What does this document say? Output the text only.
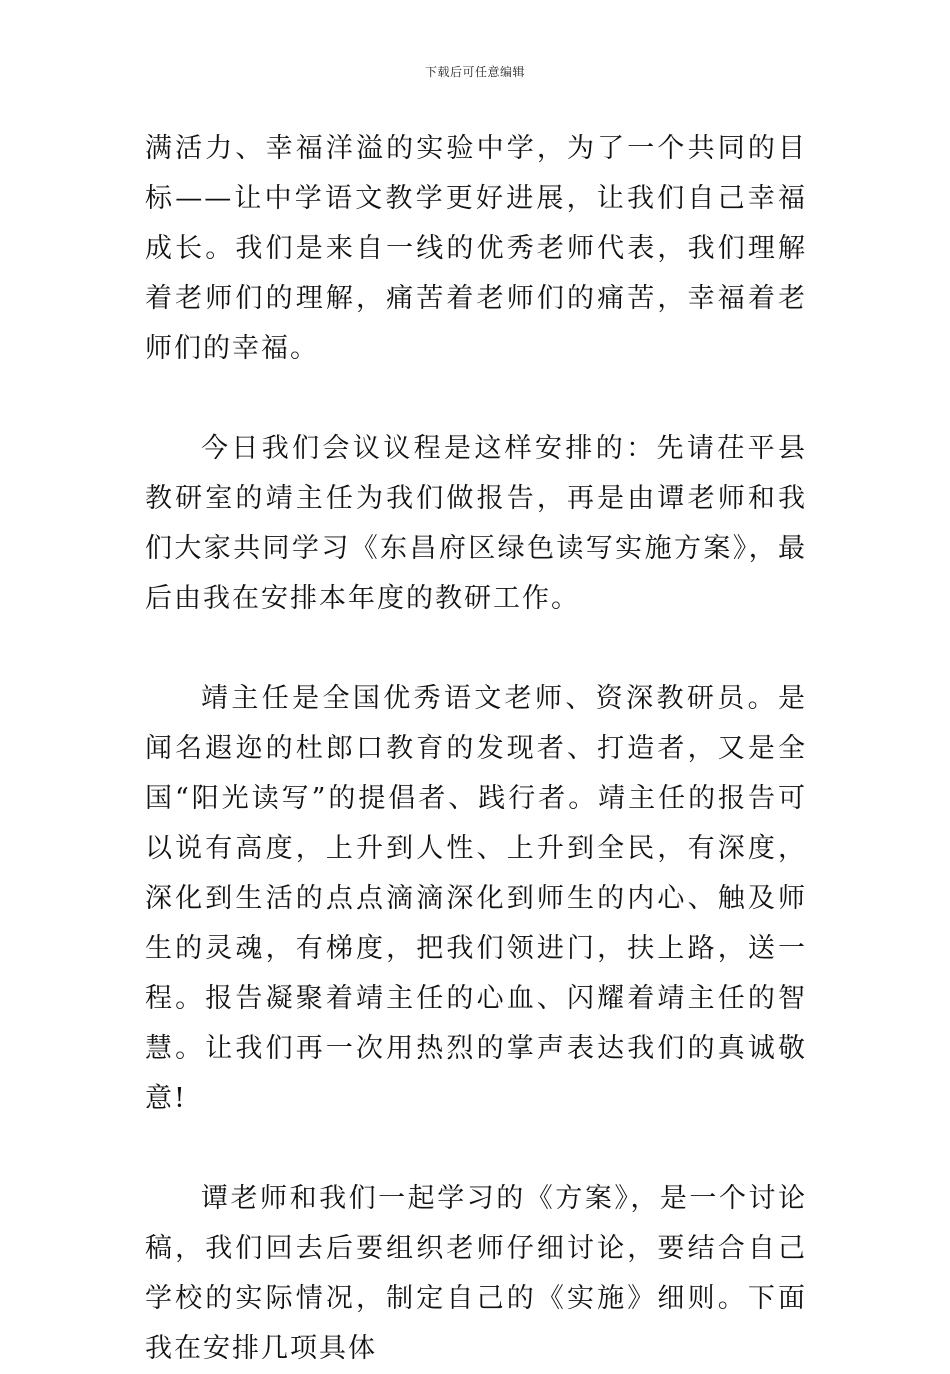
下载后可任意编辑

满活力、幸福洋溢的实验中学，为了一个共同的目标——让中学语文教学更好进展，让我们自己幸福成长。我们是来自一线的优秀老师代表，我们理解着老师们的理解，痛苦着老师们的痛苦，幸福着老师们的幸福。

今日我们会议议程是这样安排的：先请茌平县教研室的靖主任为我们做报告，再是由谭老师和我们大家共同学习《东昌府区绿色读写实施方案》，最后由我在安排本年度的教研工作。

靖主任是全国优秀语文老师、资深教研员。是闻名遐迩的杜郎口教育的发现者、打造者，又是全国“阳光读写”的提倡者、践行者。靖主任的报告可以说有高度，上升到人性、上升到全民，有深度，深化到生活的点点滴滴深化到师生的内心、触及师生的灵魂，有梯度，把我们领进门，扶上路，送一程。报告凝聚着靖主任的心血、闪耀着靖主任的智慧。让我们再一次用热烈的掌声表达我们的真诚敬意!

谭老师和我们一起学习的《方案》，是一个讨论稿，我们回去后要组织老师仔细讨论，要结合自己学校的实际情况，制定自己的《实施》细则。下面我在安排几项具体
